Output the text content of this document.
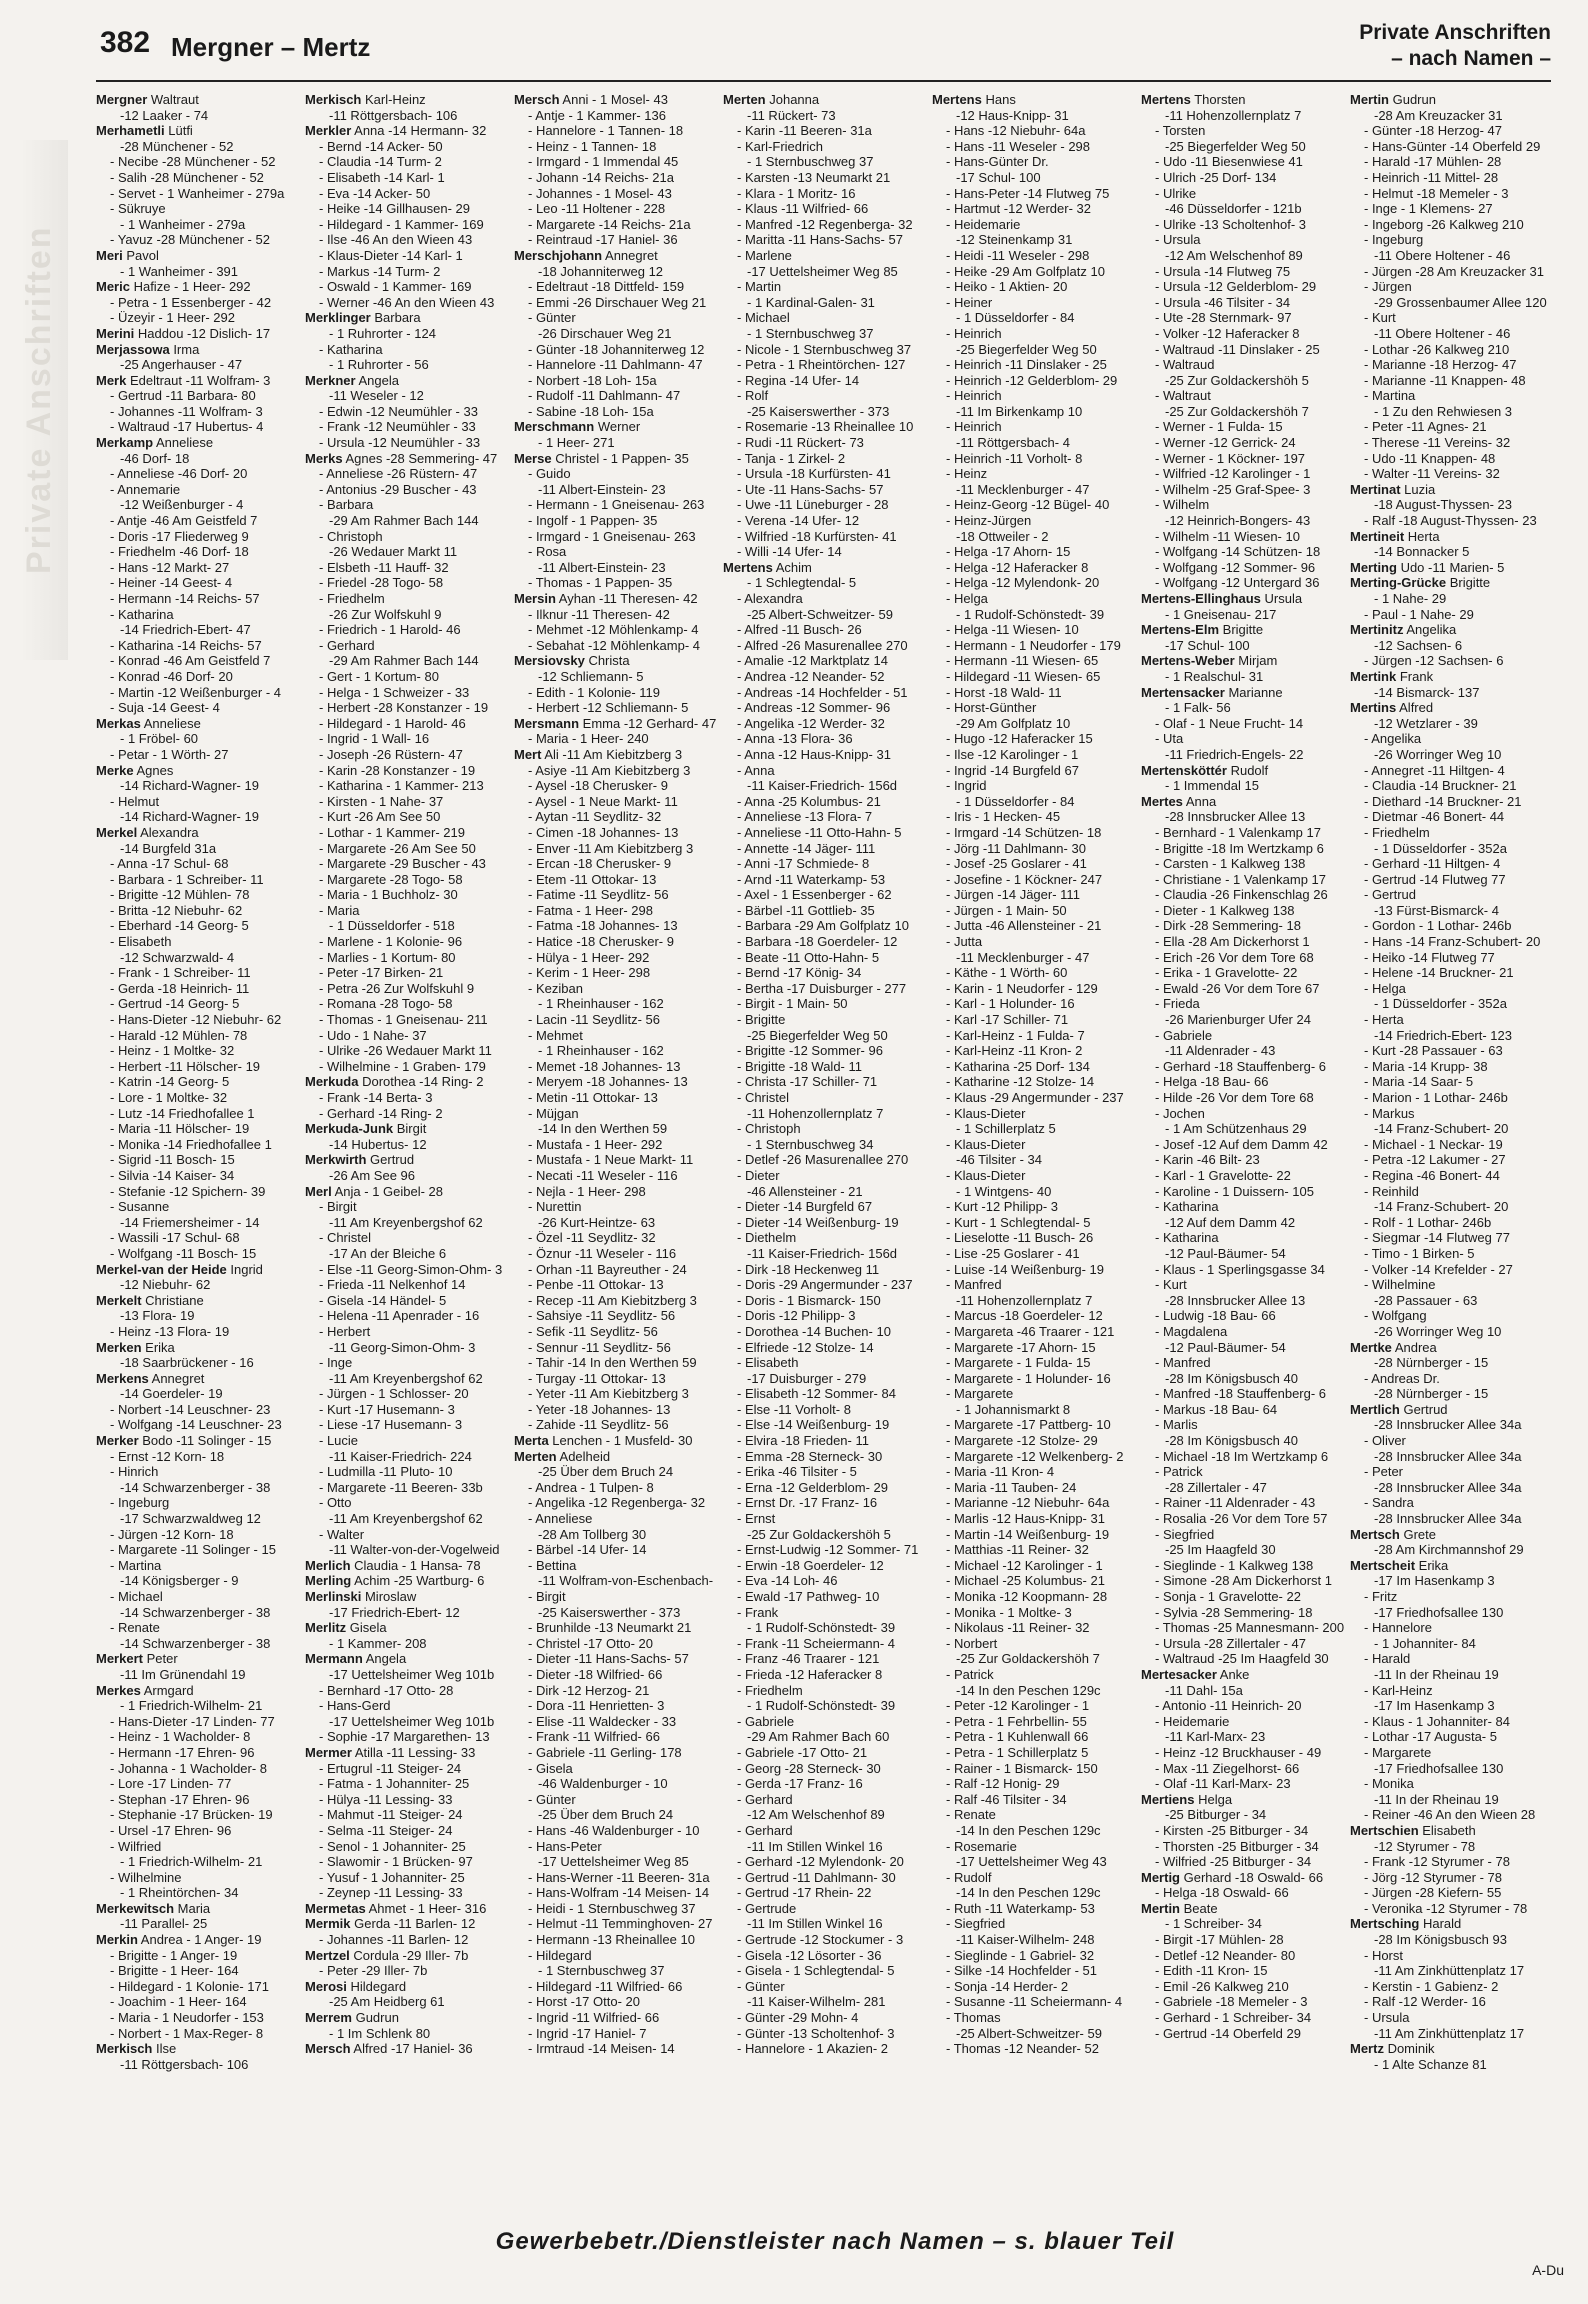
382 Mergner – Mertz	Private Anschriften
– nach Namen –
Private Anschriften
Mergner Waltraut
-12 Laaker - 74
Merhametli Lütfi
-28 Münchener - 52
- Necibe -28 Münchener - 52
- Salih -28 Münchener - 52
- Servet - 1 Wanheimer - 279a
- Sükruye
- 1 Wanheimer - 279a
- Yavuz -28 Münchener - 52
Meri Pavol
- 1 Wanheimer - 391
Meric Hafize - 1 Heer- 292
- Petra - 1 Essenberger - 42
- Üzeyir - 1 Heer- 292
Merini Haddou -12 Dislich- 17
Merjassowa Irma
-25 Angerhauser - 47
Merk Edeltraut -11 Wolfram- 3
- Gertrud -11 Barbara- 80
- Johannes -11 Wolfram- 3
- Waltraud -17 Hubertus- 4
Merkamp Anneliese
-46 Dorf- 18
- Anneliese -46 Dorf- 20
- Annemarie
-12 Weißenburger - 4
- Antje -46 Am Geistfeld 7
- Doris -17 Fliederweg 9
- Friedhelm -46 Dorf- 18
- Hans -12 Markt- 27
- Heiner -14 Geest- 4
- Hermann -14 Reichs- 57
- Katharina
-14 Friedrich-Ebert- 47
- Katharina -14 Reichs- 57
- Konrad -46 Am Geistfeld 7
- Konrad -46 Dorf- 20
- Martin -12 Weißenburger - 4
- Suja -14 Geest- 4
Merkas Anneliese
- 1 Fröbel- 60
- Petar - 1 Wörth- 27
Merke Agnes
-14 Richard-Wagner- 19
- Helmut
-14 Richard-Wagner- 19
Merkel Alexandra
-14 Burgfeld 31a
- Anna -17 Schul- 68
- Barbara - 1 Schreiber- 11
- Brigitte -12 Mühlen- 78
- Britta -12 Niebuhr- 62
- Eberhard -14 Georg- 5
- Elisabeth
-12 Schwarzwald- 4
- Frank - 1 Schreiber- 11
- Gerda -18 Heinrich- 11
- Gertrud -14 Georg- 5
- Hans-Dieter -12 Niebuhr- 62
- Harald -12 Mühlen- 78
- Heinz - 1 Moltke- 32
- Herbert -11 Hölscher- 19
- Katrin -14 Georg- 5
- Lore - 1 Moltke- 32
- Lutz -14 Friedhofallee 1
- Maria -11 Hölscher- 19
- Monika -14 Friedhofallee 1
- Sigrid -11 Bosch- 15
- Silvia -14 Kaiser- 34
- Stefanie -12 Spichern- 39
- Susanne
-14 Friemersheimer - 14
- Wassili -17 Schul- 68
- Wolfgang -11 Bosch- 15
Merkel-van der Heide Ingrid
-12 Niebuhr- 62
Merkelt Christiane
-13 Flora- 19
- Heinz -13 Flora- 19
Merken Erika
-18 Saarbrückener - 16
Merkens Annegret
-14 Goerdeler- 19
- Norbert -14 Leuschner- 23
- Wolfgang -14 Leuschner- 23
Merker Bodo -11 Solinger - 15
- Ernst -12 Korn- 18
- Hinrich
-14 Schwarzenberger - 38
- Ingeburg
-17 Schwarzwaldweg 12
- Jürgen -12 Korn- 18
- Margarete -11 Solinger - 15
- Martina
-14 Königsberger - 9
- Michael
-14 Schwarzenberger - 38
- Renate
-14 Schwarzenberger - 38
Merkert Peter
-11 Im Grünendahl 19
Merkes Armgard
- 1 Friedrich-Wilhelm- 21
- Hans-Dieter -17 Linden- 77
- Heinz - 1 Wacholder- 8
- Hermann -17 Ehren- 96
- Johanna - 1 Wacholder- 8
- Lore -17 Linden- 77
- Stephan -17 Ehren- 96
- Stephanie -17 Brücken- 19
- Ursel -17 Ehren- 96
- Wilfried
- 1 Friedrich-Wilhelm- 21
- Wilhelmine
- 1 Rheintörchen- 34
Merkewitsch Maria
-11 Parallel- 25
Merkin Andrea - 1 Anger- 19
- Brigitte - 1 Anger- 19
- Brigitte - 1 Heer- 164
- Hildegard - 1 Kolonie- 171
- Joachim - 1 Heer- 164
- Maria - 1 Neudorfer - 153
- Norbert - 1 Max-Reger- 8
Merkisch Ilse
-11 Röttgersbach- 106
Merkisch Karl-Heinz
-11 Röttgersbach- 106
Merkler Anna -14 Hermann- 32
- Bernd -14 Acker- 50
- Claudia -14 Turm- 2
- Elisabeth -14 Karl- 1
- Eva -14 Acker- 50
- Heike -14 Gillhausen- 29
- Hildegard - 1 Kammer- 169
- Ilse -46 An den Wieen 43
- Klaus-Dieter -14 Karl- 1
- Markus -14 Turm- 2
- Oswald - 1 Kammer- 169
- Werner -46 An den Wieen 43
Merklinger Barbara
- 1 Ruhrorter - 124
- Katharina
- 1 Ruhrorter - 56
Merkner Angela
-11 Weseler - 12
- Edwin -12 Neumühler - 33
- Frank -12 Neumühler - 33
- Ursula -12 Neumühler - 33
Merks Agnes -28 Semmering- 47
- Anneliese -26 Rüstern- 47
- Antonius -29 Buscher - 43
- Barbara
-29 Am Rahmer Bach 144
- Christoph
-26 Wedauer Markt 11
- Elsbeth -11 Hauff- 32
- Friedel -28 Togo- 58
- Friedhelm
-26 Zur Wolfskuhl 9
- Friedrich - 1 Harold- 46
- Gerhard
-29 Am Rahmer Bach 144
- Gert - 1 Kortum- 80
- Helga - 1 Schweizer - 33
- Herbert -28 Konstanzer - 19
- Hildegard - 1 Harold- 46
- Ingrid - 1 Wall- 16
- Joseph -26 Rüstern- 47
- Karin -28 Konstanzer - 19
- Katharina - 1 Kammer- 213
- Kirsten - 1 Nahe- 37
- Kurt -26 Am See 50
- Lothar - 1 Kammer- 219
- Margarete -26 Am See 50
- Margarete -29 Buscher - 43
- Margarete -28 Togo- 58
- Maria - 1 Buchholz- 30
- Maria
- 1 Düsseldorfer - 518
- Marlene - 1 Kolonie- 96
- Marlies - 1 Kortum- 80
- Peter -17 Birken- 21
- Petra -26 Zur Wolfskuhl 9
- Romana -28 Togo- 58
- Thomas - 1 Gneisenau- 211
- Udo - 1 Nahe- 37
- Ulrike -26 Wedauer Markt 11
- Wilhelmine - 1 Graben- 179
Merkuda Dorothea -14 Ring- 2
- Frank -14 Berta- 3
- Gerhard -14 Ring- 2
Merkuda-Junk Birgit
-14 Hubertus- 12
Merkwirth Gertrud
-26 Am See 96
Merl Anja - 1 Geibel- 28
- Birgit
-11 Am Kreyenbergshof 62
- Christel
-17 An der Bleiche 6
- Else -11 Georg-Simon-Ohm- 3
- Frieda -11 Nelkenhof 14
- Gisela -14 Händel- 5
- Helena -11 Apenrader - 16
- Herbert
-11 Georg-Simon-Ohm- 3
- Inge
-11 Am Kreyenbergshof 62
- Jürgen - 1 Schlosser- 20
- Kurt -17 Husemann- 3
- Liese -17 Husemann- 3
- Lucie
-11 Kaiser-Friedrich- 224
- Ludmilla -11 Pluto- 10
- Margarete -11 Beeren- 33b
- Otto
-11 Am Kreyenbergshof 62
- Walter
-11 Walter-von-der-Vogelweid
Merlich Claudia - 1 Hansa- 78
Merling Achim -25 Wartburg- 6
Merlinski Miroslaw
-17 Friedrich-Ebert- 12
Merlitz Gisela
- 1 Kammer- 208
Mermann Angela
-17 Uettelsheimer Weg 101b
- Bernhard -17 Otto- 28
- Hans-Gerd
-17 Uettelsheimer Weg 101b
- Sophie -17 Margarethen- 13
Mermer Atilla -11 Lessing- 33
- Ertugrul -11 Steiger- 24
- Fatma - 1 Johanniter- 25
- Hülya -11 Lessing- 33
- Mahmut -11 Steiger- 24
- Selma -11 Steiger- 24
- Senol - 1 Johanniter- 25
- Slawomir - 1 Brücken- 97
- Yusuf - 1 Johanniter- 25
- Zeynep -11 Lessing- 33
Mermetas Ahmet - 1 Heer- 316
Mermik Gerda -11 Barlen- 12
- Johannes -11 Barlen- 12
Mertzel Cordula -29 Iller- 7b
- Peter -29 Iller- 7b
Merosi Hildegard
-25 Am Heidberg 61
Merrem Gudrun
- 1 Im Schlenk 80
Mersch Alfred -17 Haniel- 36
Mersch Anni - 1 Mosel- 43
- Antje - 1 Kammer- 136
- Hannelore - 1 Tannen- 18
- Heinz - 1 Tannen- 18
- Irmgard - 1 Immendal 45
- Johann -14 Reichs- 21a
- Johannes - 1 Mosel- 43
- Leo -11 Holtener - 228
- Margarete -14 Reichs- 21a
- Reintraud -17 Haniel- 36
Merschjohann Annegret
-18 Johanniterweg 12
- Edeltraut -18 Dittfeld- 159
- Emmi -26 Dirschauer Weg 21
- Günter
-26 Dirschauer Weg 21
- Günter -18 Johanniterweg 12
- Hannelore -11 Dahlmann- 47
- Norbert -18 Loh- 15a
- Rudolf -11 Dahlmann- 47
- Sabine -18 Loh- 15a
Merschmann Werner
- 1 Heer- 271
Merse Christel - 1 Pappen- 35
- Guido
-11 Albert-Einstein- 23
- Hermann - 1 Gneisenau- 263
- Ingolf - 1 Pappen- 35
- Irmgard - 1 Gneisenau- 263
- Rosa
-11 Albert-Einstein- 23
- Thomas - 1 Pappen- 35
Mersin Ayhan -11 Theresen- 42
- Ilknur -11 Theresen- 42
- Mehmet -12 Möhlenkamp- 4
- Sebahat -12 Möhlenkamp- 4
Mersiovsky Christa
-12 Schliemann- 5
- Edith - 1 Kolonie- 119
- Herbert -12 Schliemann- 5
Mersmann Emma -12 Gerhard- 47
- Maria - 1 Heer- 240
Mert Ali -11 Am Kiebitzberg 3
- Asiye -11 Am Kiebitzberg 3
- Aysel -18 Cherusker- 9
- Aysel - 1 Neue Markt- 11
- Aytan -11 Seydlitz- 32
- Cimen -18 Johannes- 13
- Enver -11 Am Kiebitzberg 3
- Ercan -18 Cherusker- 9
- Etem -11 Ottokar- 13
- Fatime -11 Seydlitz- 56
- Fatma - 1 Heer- 298
- Fatma -18 Johannes- 13
- Hatice -18 Cherusker- 9
- Hülya - 1 Heer- 292
- Kerim - 1 Heer- 298
- Keziban
- 1 Rheinhauser - 162
- Lacin -11 Seydlitz- 56
- Mehmet
- 1 Rheinhauser - 162
- Memet -18 Johannes- 13
- Meryem -18 Johannes- 13
- Metin -11 Ottokar- 13
- Müjgan
-14 In den Werthen 59
- Mustafa - 1 Heer- 292
- Mustafa - 1 Neue Markt- 11
- Necati -11 Weseler - 116
- Nejla - 1 Heer- 298
- Nurettin
-26 Kurt-Heintze- 63
- Özel -11 Seydlitz- 32
- Öznur -11 Weseler - 116
- Orhan -11 Bayreuther - 24
- Penbe -11 Ottokar- 13
- Recep -11 Am Kiebitzberg 3
- Sahsiye -11 Seydlitz- 56
- Sefik -11 Seydlitz- 56
- Sennur -11 Seydlitz- 56
- Tahir -14 In den Werthen 59
- Turgay -11 Ottokar- 13
- Yeter -11 Am Kiebitzberg 3
- Yeter -18 Johannes- 13
- Zahide -11 Seydlitz- 56
Merta Lenchen - 1 Musfeld- 30
Merten Adelheid
-25 Über dem Bruch 24
- Andrea - 1 Tulpen- 8
- Angelika -12 Regenberga- 32
- Anneliese
-28 Am Tollberg 30
- Bärbel -14 Ufer- 14
- Bettina
-11 Wolfram-von-Eschenbach-
- Birgit
-25 Kaiserswerther - 373
- Brunhilde -13 Neumarkt 21
- Christel -17 Otto- 20
- Dieter -11 Hans-Sachs- 57
- Dieter -18 Wilfried- 66
- Dirk -12 Herzog- 21
- Dora -11 Henrietten- 3
- Elise -11 Waldecker - 33
- Frank -11 Wilfried- 66
- Gabriele -11 Gerling- 178
- Gisela
-46 Waldenburger - 10
- Günter
-25 Über dem Bruch 24
- Hans -46 Waldenburger - 10
- Hans-Peter
-17 Uettelsheimer Weg 85
- Hans-Werner -11 Beeren- 31a
- Hans-Wolfram -14 Meisen- 14
- Heidi - 1 Sternbuschweg 37
- Helmut -11 Temminghoven- 27
- Hermann -13 Rheinallee 10
- Hildegard
- 1 Sternbuschweg 37
- Hildegard -11 Wilfried- 66
- Horst -17 Otto- 20
- Ingrid -11 Wilfried- 66
- Ingrid -17 Haniel- 7
- Irmtraud -14 Meisen- 14
Merten Johanna
-11 Rückert- 73
- Karin -11 Beeren- 31a
- Karl-Friedrich
- 1 Sternbuschweg 37
- Karsten -13 Neumarkt 21
- Klara - 1 Moritz- 16
- Klaus -11 Wilfried- 66
- Manfred -12 Regenberga- 32
- Maritta -11 Hans-Sachs- 57
- Marlene
-17 Uettelsheimer Weg 85
- Martin
- 1 Kardinal-Galen- 31
- Michael
- 1 Sternbuschweg 37
- Nicole - 1 Sternbuschweg 37
- Petra - 1 Rheintörchen- 127
- Regina -14 Ufer- 14
- Rolf
-25 Kaiserswerther - 373
- Rosemarie -13 Rheinallee 10
- Rudi -11 Rückert- 73
- Tanja - 1 Zirkel- 2
- Ursula -18 Kurfürsten- 41
- Ute -11 Hans-Sachs- 57
- Uwe -11 Lüneburger - 28
- Verena -14 Ufer- 12
- Wilfried -18 Kurfürsten- 41
- Willi -14 Ufer- 14
Mertens Achim
- 1 Schlegtendal- 5
- Alexandra
-25 Albert-Schweitzer- 59
- Alfred -11 Busch- 26
- Alfred -26 Masurenallee 270
- Amalie -12 Marktplatz 14
- Andrea -12 Neander- 52
- Andreas -14 Hochfelder - 51
- Andreas -12 Sommer- 96
- Angelika -12 Werder- 32
- Anna -13 Flora- 36
- Anna -12 Haus-Knipp- 31
- Anna
-11 Kaiser-Friedrich- 156d
- Anna -25 Kolumbus- 21
- Anneliese -13 Flora- 7
- Anneliese -11 Otto-Hahn- 5
- Annette -14 Jäger- 111
- Anni -17 Schmiede- 8
- Arnd -11 Waterkamp- 53
- Axel - 1 Essenberger - 62
- Bärbel -11 Gottlieb- 35
- Barbara -29 Am Golfplatz 10
- Barbara -18 Goerdeler- 12
- Beate -11 Otto-Hahn- 5
- Bernd -17 König- 34
- Bertha -17 Duisburger - 277
- Birgit - 1 Main- 50
- Brigitte
-25 Biegerfelder Weg 50
- Brigitte -12 Sommer- 96
- Brigitte -18 Wald- 11
- Christa -17 Schiller- 71
- Christel
-11 Hohenzollernplatz 7
- Christoph
- 1 Sternbuschweg 34
- Detlef -26 Masurenallee 270
- Dieter
-46 Allensteiner - 21
- Dieter -14 Burgfeld 67
- Dieter -14 Weißenburg- 19
- Diethelm
-11 Kaiser-Friedrich- 156d
- Dirk -18 Heckenweg 11
- Doris -29 Angermunder - 237
- Doris - 1 Bismarck- 150
- Doris -12 Philipp- 3
- Dorothea -14 Buchen- 10
- Elfriede -12 Stolze- 14
- Elisabeth
-17 Duisburger - 279
- Elisabeth -12 Sommer- 84
- Else -11 Vorholt- 8
- Else -14 Weißenburg- 19
- Elvira -18 Frieden- 11
- Emma -28 Sterneck- 30
- Erika -46 Tilsiter - 5
- Erna -12 Gelderblom- 29
- Ernst Dr. -17 Franz- 16
- Ernst
-25 Zur Goldackershöh 5
- Ernst-Ludwig -12 Sommer- 71
- Erwin -18 Goerdeler- 12
- Eva -14 Loh- 46
- Ewald -17 Pathweg- 10
- Frank
- 1 Rudolf-Schönstedt- 39
- Frank -11 Scheiermann- 4
- Franz -46 Traarer - 121
- Frieda -12 Haferacker 8
- Friedhelm
- 1 Rudolf-Schönstedt- 39
- Gabriele
-29 Am Rahmer Bach 60
- Gabriele -17 Otto- 21
- Georg -28 Sterneck- 30
- Gerda -17 Franz- 16
- Gerhard
-12 Am Welschenhof 89
- Gerhard
-11 Im Stillen Winkel 16
- Gerhard -12 Mylendonk- 20
- Gertrud -11 Dahlmann- 30
- Gertrud -17 Rhein- 22
- Gertrude
-11 Im Stillen Winkel 16
- Gertrude -12 Stockumer - 3
- Gisela -12 Lösorter - 36
- Gisela - 1 Schlegtendal- 5
- Günter
-11 Kaiser-Wilhelm- 281
- Günter -29 Mohn- 4
- Günter -13 Scholtenhof- 3
- Hannelore - 1 Akazien- 2
Mertens Hans
-12 Haus-Knipp- 31
- Hans -12 Niebuhr- 64a
- Hans -11 Weseler - 298
- Hans-Günter Dr.
-17 Schul- 100
- Hans-Peter -14 Flutweg 75
- Hartmut -12 Werder- 32
- Heidemarie
-12 Steinenkamp 31
- Heidi -11 Weseler - 298
- Heike -29 Am Golfplatz 10
- Heiko - 1 Aktien- 20
- Heiner
- 1 Düsseldorfer - 84
- Heinrich
-25 Biegerfelder Weg 50
- Heinrich -11 Dinslaker - 25
- Heinrich -12 Gelderblom- 29
- Heinrich
-11 Im Birkenkamp 10
- Heinrich
-11 Röttgersbach- 4
- Heinrich -11 Vorholt- 8
- Heinz
-11 Mecklenburger - 47
- Heinz-Georg -12 Bügel- 40
- Heinz-Jürgen
-18 Ottweiler - 2
- Helga -17 Ahorn- 15
- Helga -12 Haferacker 8
- Helga -12 Mylendonk- 20
- Helga
- 1 Rudolf-Schönstedt- 39
- Helga -11 Wiesen- 10
- Hermann - 1 Neudorfer - 179
- Hermann -11 Wiesen- 65
- Hildegard -11 Wiesen- 65
- Horst -18 Wald- 11
- Horst-Günther
-29 Am Golfplatz 10
- Hugo -12 Haferacker 15
- Ilse -12 Karolinger - 1
- Ingrid -14 Burgfeld 67
- Ingrid
- 1 Düsseldorfer - 84
- Iris - 1 Hecken- 45
- Irmgard -14 Schützen- 18
- Jörg -11 Dahlmann- 30
- Josef -25 Goslarer - 41
- Josefine - 1 Köckner- 247
- Jürgen -14 Jäger- 111
- Jürgen - 1 Main- 50
- Jutta -46 Allensteiner - 21
- Jutta
-11 Mecklenburger - 47
- Käthe - 1 Wörth- 60
- Karin - 1 Neudorfer - 129
- Karl - 1 Holunder- 16
- Karl -17 Schiller- 71
- Karl-Heinz - 1 Fulda- 7
- Karl-Heinz -11 Kron- 2
- Katharina -25 Dorf- 134
- Katharine -12 Stolze- 14
- Klaus -29 Angermunder - 237
- Klaus-Dieter
- 1 Schillerplatz 5
- Klaus-Dieter
-46 Tilsiter - 34
- Klaus-Dieter
- 1 Wintgens- 40
- Kurt -12 Philipp- 3
- Kurt - 1 Schlegtendal- 5
- Lieselotte -11 Busch- 26
- Lise -25 Goslarer - 41
- Luise -14 Weißenburg- 19
- Manfred
-11 Hohenzollernplatz 7
- Marcus -18 Goerdeler- 12
- Margareta -46 Traarer - 121
- Margarete -17 Ahorn- 15
- Margarete - 1 Fulda- 15
- Margarete - 1 Holunder- 16
- Margarete
- 1 Johannismarkt 8
- Margarete -17 Pattberg- 10
- Margarete -12 Stolze- 29
- Margarete -12 Welkenberg- 2
- Maria -11 Kron- 4
- Maria -11 Tauben- 24
- Marianne -12 Niebuhr- 64a
- Marlis -12 Haus-Knipp- 31
- Martin -14 Weißenburg- 19
- Matthias -11 Reiner- 32
- Michael -12 Karolinger - 1
- Michael -25 Kolumbus- 21
- Monika -12 Koopmann- 28
- Monika - 1 Moltke- 3
- Nikolaus -11 Reiner- 32
- Norbert
-25 Zur Goldackershöh 7
- Patrick
-14 In den Peschen 129c
- Peter -12 Karolinger - 1
- Petra - 1 Fehrbellin- 55
- Petra - 1 Kuhlenwall 66
- Petra - 1 Schillerplatz 5
- Rainer - 1 Bismarck- 150
- Ralf -12 Honig- 29
- Ralf -46 Tilsiter - 34
- Renate
-14 In den Peschen 129c
- Rosemarie
-17 Uettelsheimer Weg 43
- Rudolf
-14 In den Peschen 129c
- Ruth -11 Waterkamp- 53
- Siegfried
-11 Kaiser-Wilhelm- 248
- Sieglinde - 1 Gabriel- 32
- Silke -14 Hochfelder - 51
- Sonja -14 Herder- 2
- Susanne -11 Scheiermann- 4
- Thomas
-25 Albert-Schweitzer- 59
- Thomas -12 Neander- 52
Mertens Thorsten
-11 Hohenzollernplatz 7
- Torsten
-25 Biegerfelder Weg 50
- Udo -11 Biesenwiese 41
- Ulrich -25 Dorf- 134
- Ulrike
-46 Düsseldorfer - 121b
- Ulrike -13 Scholtenhof- 3
- Ursula
-12 Am Welschenhof 89
- Ursula -14 Flutweg 75
- Ursula -12 Gelderblom- 29
- Ursula -46 Tilsiter - 34
- Ute -28 Sternmark- 97
- Volker -12 Haferacker 8
- Waltraud -11 Dinslaker - 25
- Waltraud
-25 Zur Goldackershöh 5
- Waltraut
-25 Zur Goldackershöh 7
- Werner - 1 Fulda- 15
- Werner -12 Gerrick- 24
- Werner - 1 Köckner- 197
- Wilfried -12 Karolinger - 1
- Wilhelm -25 Graf-Spee- 3
- Wilhelm
-12 Heinrich-Bongers- 43
- Wilhelm -11 Wiesen- 10
- Wolfgang -14 Schützen- 18
- Wolfgang -12 Sommer- 96
- Wolfgang -12 Untergard 36
Mertens-Ellinghaus Ursula
- 1 Gneisenau- 217
Mertens-Elm Brigitte
-17 Schul- 100
Mertens-Weber Mirjam
- 1 Realschul- 31
Mertensacker Marianne
- 1 Falk- 56
- Olaf - 1 Neue Frucht- 14
- Uta
-11 Friedrich-Engels- 22
Mertensköttér Rudolf
- 1 Immendal 15
Mertes Anna
-28 Innsbrucker Allee 13
- Bernhard - 1 Valenkamp 17
- Brigitte -18 Im Wertzkamp 6
- Carsten - 1 Kalkweg 138
- Christiane - 1 Valenkamp 17
- Claudia -26 Finkenschlag 26
- Dieter - 1 Kalkweg 138
- Dirk -28 Semmering- 18
- Ella -28 Am Dickerhorst 1
- Erich -26 Vor dem Tore 68
- Erika - 1 Gravelotte- 22
- Ewald -26 Vor dem Tore 67
- Frieda
-26 Marienburger Ufer 24
- Gabriele
-11 Aldenrader - 43
- Gerhard -18 Stauffenberg- 6
- Helga -18 Bau- 66
- Hilde -26 Vor dem Tore 68
- Jochen
- 1 Am Schützenhaus 29
- Josef -12 Auf dem Damm 42
- Karin -46 Bilt- 23
- Karl - 1 Gravelotte- 22
- Karoline - 1 Duissern- 105
- Katharina
-12 Auf dem Damm 42
- Katharina
-12 Paul-Bäumer- 54
- Klaus - 1 Sperlingsgasse 34
- Kurt
-28 Innsbrucker Allee 13
- Ludwig -18 Bau- 66
- Magdalena
-12 Paul-Bäumer- 54
- Manfred
-28 Im Königsbusch 40
- Manfred -18 Stauffenberg- 6
- Markus -18 Bau- 64
- Marlis
-28 Im Königsbusch 40
- Michael -18 Im Wertzkamp 6
- Patrick
-28 Zillertaler - 47
- Rainer -11 Aldenrader - 43
- Rosalia -26 Vor dem Tore 57
- Siegfried
-25 Im Haagfeld 30
- Sieglinde - 1 Kalkweg 138
- Simone -28 Am Dickerhorst 1
- Sonja - 1 Gravelotte- 22
- Sylvia -28 Semmering- 18
- Thomas -25 Mannesmann- 200
- Ursula -28 Zillertaler - 47
- Waltraud -25 Im Haagfeld 30
Mertesacker Anke
-11 Dahl- 15a
- Antonio -11 Heinrich- 20
- Heidemarie
-11 Karl-Marx- 23
- Heinz -12 Bruckhauser - 49
- Max -11 Ziegelhorst- 66
- Olaf -11 Karl-Marx- 23
Mertiens Helga
-25 Bitburger - 34
- Kirsten -25 Bitburger - 34
- Thorsten -25 Bitburger - 34
- Wilfried -25 Bitburger - 34
Mertig Gerhard -18 Oswald- 66
- Helga -18 Oswald- 66
Mertin Beate
- 1 Schreiber- 34
- Birgit -17 Mühlen- 28
- Detlef -12 Neander- 80
- Edith -11 Kron- 15
- Emil -26 Kalkweg 210
- Gabriele -18 Memeler - 3
- Gerhard - 1 Schreiber- 34
- Gertrud -14 Oberfeld 29
Mertin Gudrun
-28 Am Kreuzacker 31
- Günter -18 Herzog- 47
- Hans-Günter -14 Oberfeld 29
- Harald -17 Mühlen- 28
- Heinrich -11 Mittel- 28
- Helmut -18 Memeler - 3
- Inge - 1 Klemens- 27
- Ingeborg -26 Kalkweg 210
- Ingeburg
-11 Obere Holtener - 46
- Jürgen -28 Am Kreuzacker 31
- Jürgen
-29 Grossenbaumer Allee 120
- Kurt
-11 Obere Holtener - 46
- Lothar -26 Kalkweg 210
- Marianne -18 Herzog- 47
- Marianne -11 Knappen- 48
- Martina
- 1 Zu den Rehwiesen 3
- Peter -11 Agnes- 21
- Therese -11 Vereins- 32
- Udo -11 Knappen- 48
- Walter -11 Vereins- 32
Mertinat Luzia
-18 August-Thyssen- 23
- Ralf -18 August-Thyssen- 23
Mertineit Herta
-14 Bonnacker 5
Merting Udo -11 Marien- 5
Merting-Grücke Brigitte
- 1 Nahe- 29
- Paul - 1 Nahe- 29
Mertinitz Angelika
-12 Sachsen- 6
- Jürgen -12 Sachsen- 6
Mertink Frank
-14 Bismarck- 137
Mertins Alfred
-12 Wetzlarer - 39
- Angelika
-26 Worringer Weg 10
- Annegret -11 Hiltgen- 4
- Claudia -14 Bruckner- 21
- Diethard -14 Bruckner- 21
- Dietmar -46 Bonert- 44
- Friedhelm
- 1 Düsseldorfer - 352a
- Gerhard -11 Hiltgen- 4
- Gertrud -14 Flutweg 77
- Gertrud
-13 Fürst-Bismarck- 4
- Gordon - 1 Lothar- 246b
- Hans -14 Franz-Schubert- 20
- Heiko -14 Flutweg 77
- Helene -14 Bruckner- 21
- Helga
- 1 Düsseldorfer - 352a
- Herta
-14 Friedrich-Ebert- 123
- Kurt -28 Passauer - 63
- Maria -14 Krupp- 38
- Maria -14 Saar- 5
- Marion - 1 Lothar- 246b
- Markus
-14 Franz-Schubert- 20
- Michael - 1 Neckar- 19
- Petra -12 Lakumer - 27
- Regina -46 Bonert- 44
- Reinhild
-14 Franz-Schubert- 20
- Rolf - 1 Lothar- 246b
- Siegmar -14 Flutweg 77
- Timo - 1 Birken- 5
- Volker -14 Krefelder - 27
- Wilhelmine
-28 Passauer - 63
- Wolfgang
-26 Worringer Weg 10
Mertke Andrea
-28 Nürnberger - 15
- Andreas Dr.
-28 Nürnberger - 15
Mertlich Gertrud
-28 Innsbrucker Allee 34a
- Oliver
-28 Innsbrucker Allee 34a
- Peter
-28 Innsbrucker Allee 34a
- Sandra
-28 Innsbrucker Allee 34a
Mertsch Grete
-28 Am Kirchmannshof 29
Mertscheit Erika
-17 Im Hasenkamp 3
- Fritz
-17 Friedhofsallee 130
- Hannelore
- 1 Johanniter- 84
- Harald
-11 In der Rheinau 19
- Karl-Heinz
-17 Im Hasenkamp 3
- Klaus - 1 Johanniter- 84
- Lothar -17 Augusta- 5
- Margarete
-17 Friedhofsallee 130
- Monika
-11 In der Rheinau 19
- Reiner -46 An den Wieen 28
Mertschien Elisabeth
-12 Styrumer - 78
- Frank -12 Styrumer - 78
- Jörg -12 Styrumer - 78
- Jürgen -28 Kiefern- 55
- Veronika -12 Styrumer - 78
Mertsching Harald
-28 Im Königsbusch 93
- Horst
-11 Am Zinkhüttenplatz 17
- Kerstin - 1 Gabienz- 2
- Ralf -12 Werder- 16
- Ursula
-11 Am Zinkhüttenplatz 17
Mertz Dominik
- 1 Alte Schanze 81
Gewerbebetr./Dienstleister nach Namen – s. blauer Teil
A-Du
